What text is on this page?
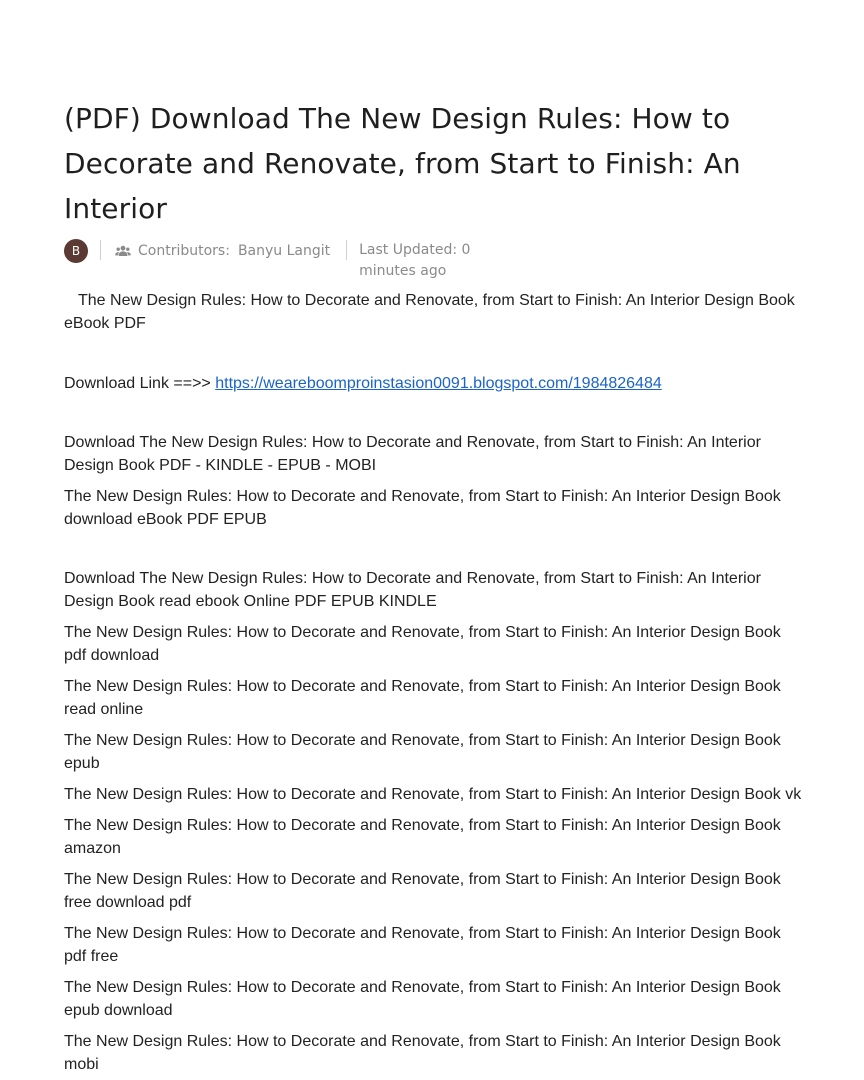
(PDF) Download The New Design Rules: How to Decorate and Renovate, from Start to Finish: An Interior
B	Contributors: Banyu Langit Last Updated: 0 minutes ago

The New Design Rules: How to Decorate and Renovate, from Start to Finish: An Interior Design Book eBook PDF

Download Link ==>> https://weareboomproinstasion0091.blogspot.com/1984826484

Download The New Design Rules: How to Decorate and Renovate, from Start to Finish: An Interior Design Book PDF - KINDLE - EPUB - MOBI

The New Design Rules: How to Decorate and Renovate, from Start to Finish: An Interior Design Book download eBook PDF EPUB

Download The New Design Rules: How to Decorate and Renovate, from Start to Finish: An Interior Design Book read ebook Online PDF EPUB KINDLE

The New Design Rules: How to Decorate and Renovate, from Start to Finish: An Interior Design Book pdf download

The New Design Rules: How to Decorate and Renovate, from Start to Finish: An Interior Design Book read online

The New Design Rules: How to Decorate and Renovate, from Start to Finish: An Interior Design Book epub

The New Design Rules: How to Decorate and Renovate, from Start to Finish: An Interior Design Book vk

The New Design Rules: How to Decorate and Renovate, from Start to Finish: An Interior Design Book amazon

The New Design Rules: How to Decorate and Renovate, from Start to Finish: An Interior Design Book free download pdf

The New Design Rules: How to Decorate and Renovate, from Start to Finish: An Interior Design Book pdf free

The New Design Rules: How to Decorate and Renovate, from Start to Finish: An Interior Design Book epub download

The New Design Rules: How to Decorate and Renovate, from Start to Finish: An Interior Design Book mobi
